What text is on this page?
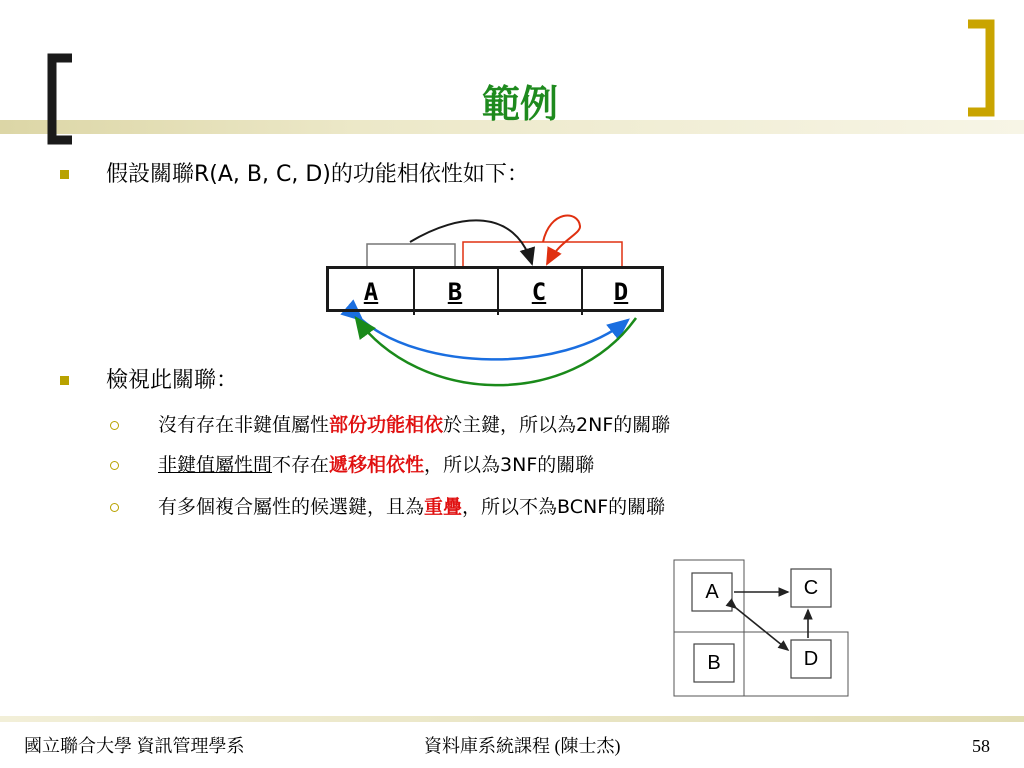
範例
假設關聯R(A, B, C, D)的功能相依性如下：
A	B	C	D
檢視此關聯：
沒有存在非鍵值屬性部份功能相依於主鍵，所以為2NF的關聯
非鍵值屬性間不存在遞移相依性，所以為3NF的關聯
有多個複合屬性的候選鍵，且為重疊，所以不為BCNF的關聯
A
B
C
D
國立聯合大學 資訊管理學系	資料庫系統課程 (陳士杰)	58
